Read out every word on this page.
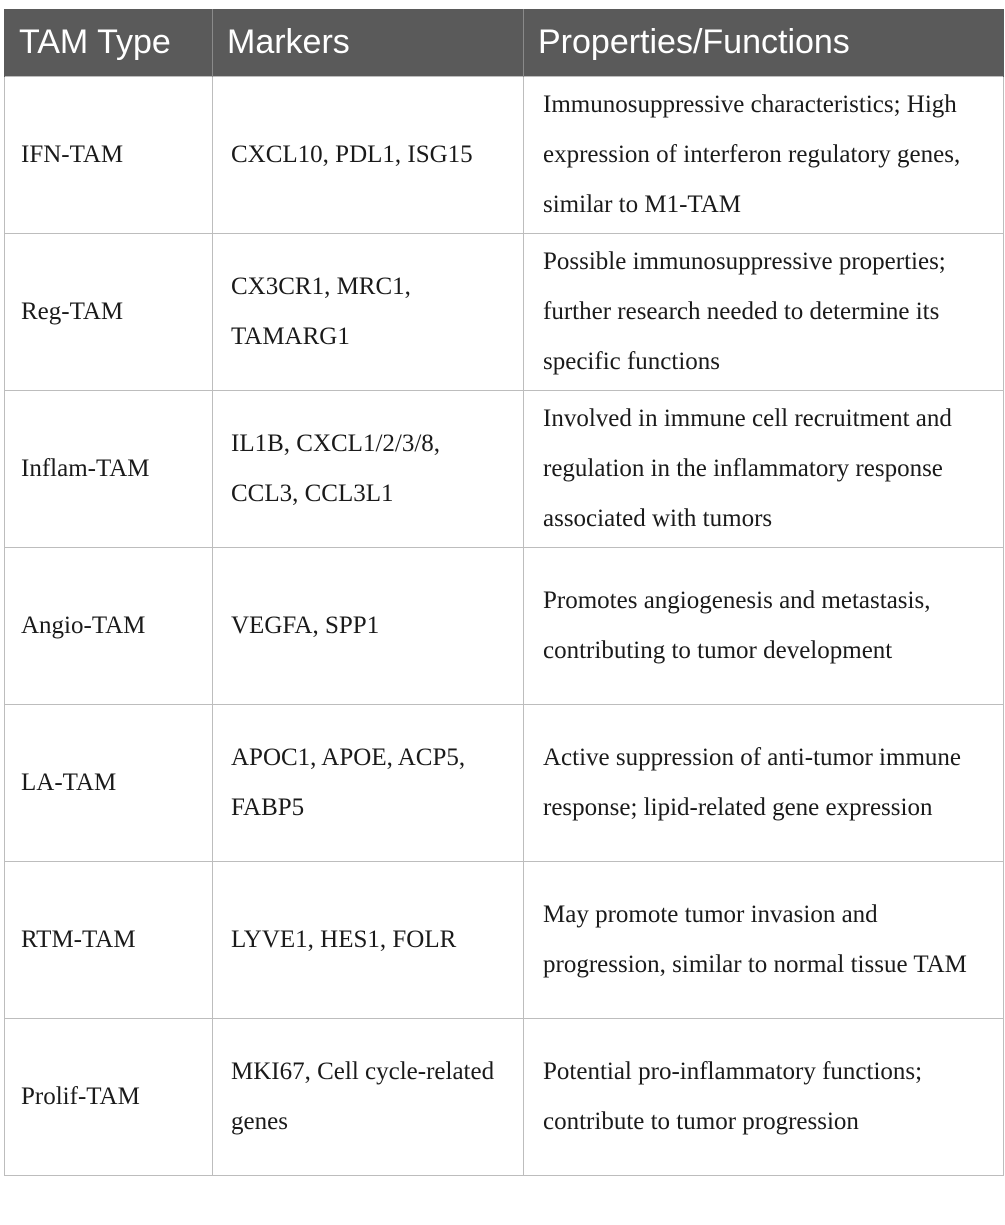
TAM Type	Markers	Properties/Functions
IFN-TAM	CXCL10, PDL1, ISG15	Immunosuppressive characteristics; High expression of interferon regulatory genes, similar to M1-TAM
Reg-TAM	CX3CR1, MRC1, TAMARG1	Possible immunosuppressive properties; further research needed to determine its specific functions
Inflam-TAM	IL1B, CXCL1/2/3/8, CCL3, CCL3L1	Involved in immune cell recruitment and regulation in the inflammatory response associated with tumors
Angio-TAM	VEGFA, SPP1	Promotes angiogenesis and metastasis, contributing to tumor development
LA-TAM	APOC1, APOE, ACP5, FABP5	Active suppression of anti-tumor immune response; lipid-related gene expression
RTM-TAM	LYVE1, HES1, FOLR	May promote tumor invasion and progression, similar to normal tissue TAM
Prolif-TAM	MKI67, Cell cycle-related genes	Potential pro-inflammatory functions; contribute to tumor progression
